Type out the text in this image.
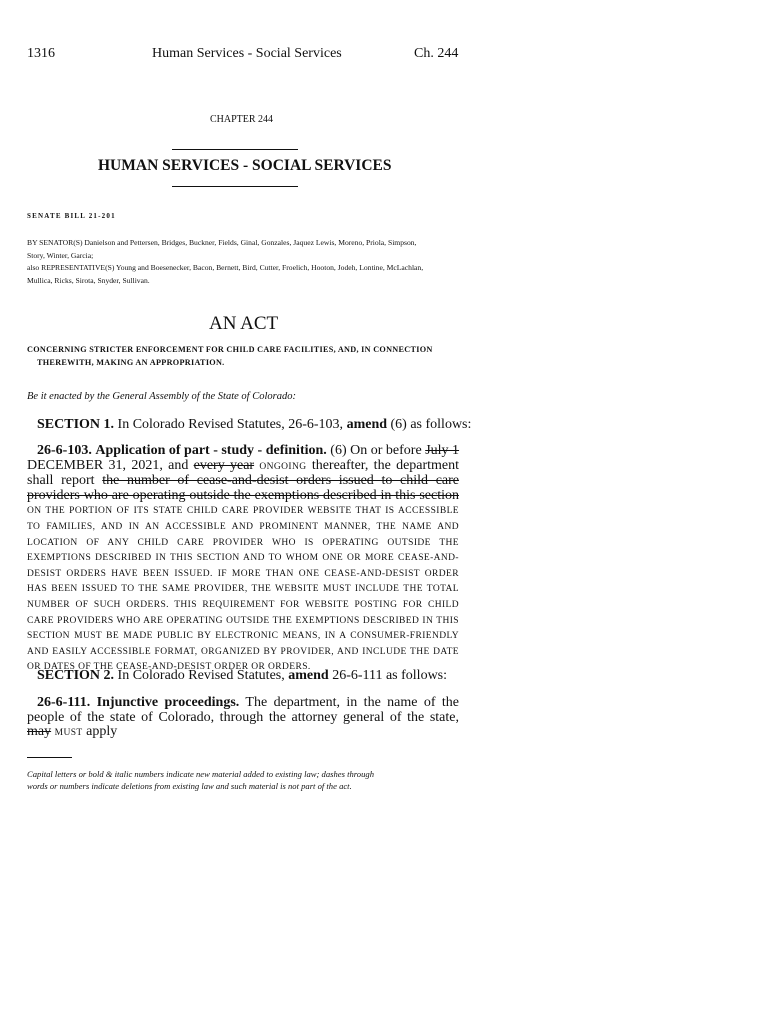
1316	Human Services - Social Services	Ch. 244
CHAPTER 244
HUMAN SERVICES - SOCIAL SERVICES
SENATE BILL 21-201
BY SENATOR(S) Danielson and Pettersen, Bridges, Buckner, Fields, Ginal, Gonzales, Jaquez Lewis, Moreno, Priola, Simpson,
Story, Winter, Garcia;
also REPRESENTATIVE(S) Young and Boesenecker, Bacon, Bernett, Bird, Cutter, Froelich, Hooton, Jodeh, Lontine, McLachlan,
Mullica, Ricks, Sirota, Snyder, Sullivan.
AN ACT
CONCERNING STRICTER ENFORCEMENT FOR CHILD CARE FACILITIES, AND, IN CONNECTION
THEREWITH, MAKING AN APPROPRIATION.
Be it enacted by the General Assembly of the State of Colorado:
SECTION 1. In Colorado Revised Statutes, 26-6-103, amend (6) as follows:
26-6-103. Application of part - study - definition. (6) On or before July 1 DECEMBER 31, 2021, and every year ONGOING thereafter, the department shall report the number of cease-and-desist orders issued to child care providers who are operating outside the exemptions described in this section ON THE PORTION OF ITS STATE CHILD CARE PROVIDER WEBSITE THAT IS ACCESSIBLE TO FAMILIES, AND IN AN ACCESSIBLE AND PROMINENT MANNER, THE NAME AND LOCATION OF ANY CHILD CARE PROVIDER WHO IS OPERATING OUTSIDE THE EXEMPTIONS DESCRIBED IN THIS SECTION AND TO WHOM ONE OR MORE CEASE-AND-DESIST ORDERS HAVE BEEN ISSUED. IF MORE THAN ONE CEASE-AND-DESIST ORDER HAS BEEN ISSUED TO THE SAME PROVIDER, THE WEBSITE MUST INCLUDE THE TOTAL NUMBER OF SUCH ORDERS. THIS REQUIREMENT FOR WEBSITE POSTING FOR CHILD CARE PROVIDERS WHO ARE OPERATING OUTSIDE THE EXEMPTIONS DESCRIBED IN THIS SECTION MUST BE MADE PUBLIC BY ELECTRONIC MEANS, IN A CONSUMER-FRIENDLY AND EASILY ACCESSIBLE FORMAT, ORGANIZED BY PROVIDER, AND INCLUDE THE DATE OR DATES OF THE CEASE-AND-DESIST ORDER OR ORDERS.
SECTION 2. In Colorado Revised Statutes, amend 26-6-111 as follows:
26-6-111. Injunctive proceedings. The department, in the name of the people of the state of Colorado, through the attorney general of the state, may MUST apply
Capital letters or bold & italic numbers indicate new material added to existing law; dashes through
words or numbers indicate deletions from existing law and such material is not part of the act.
